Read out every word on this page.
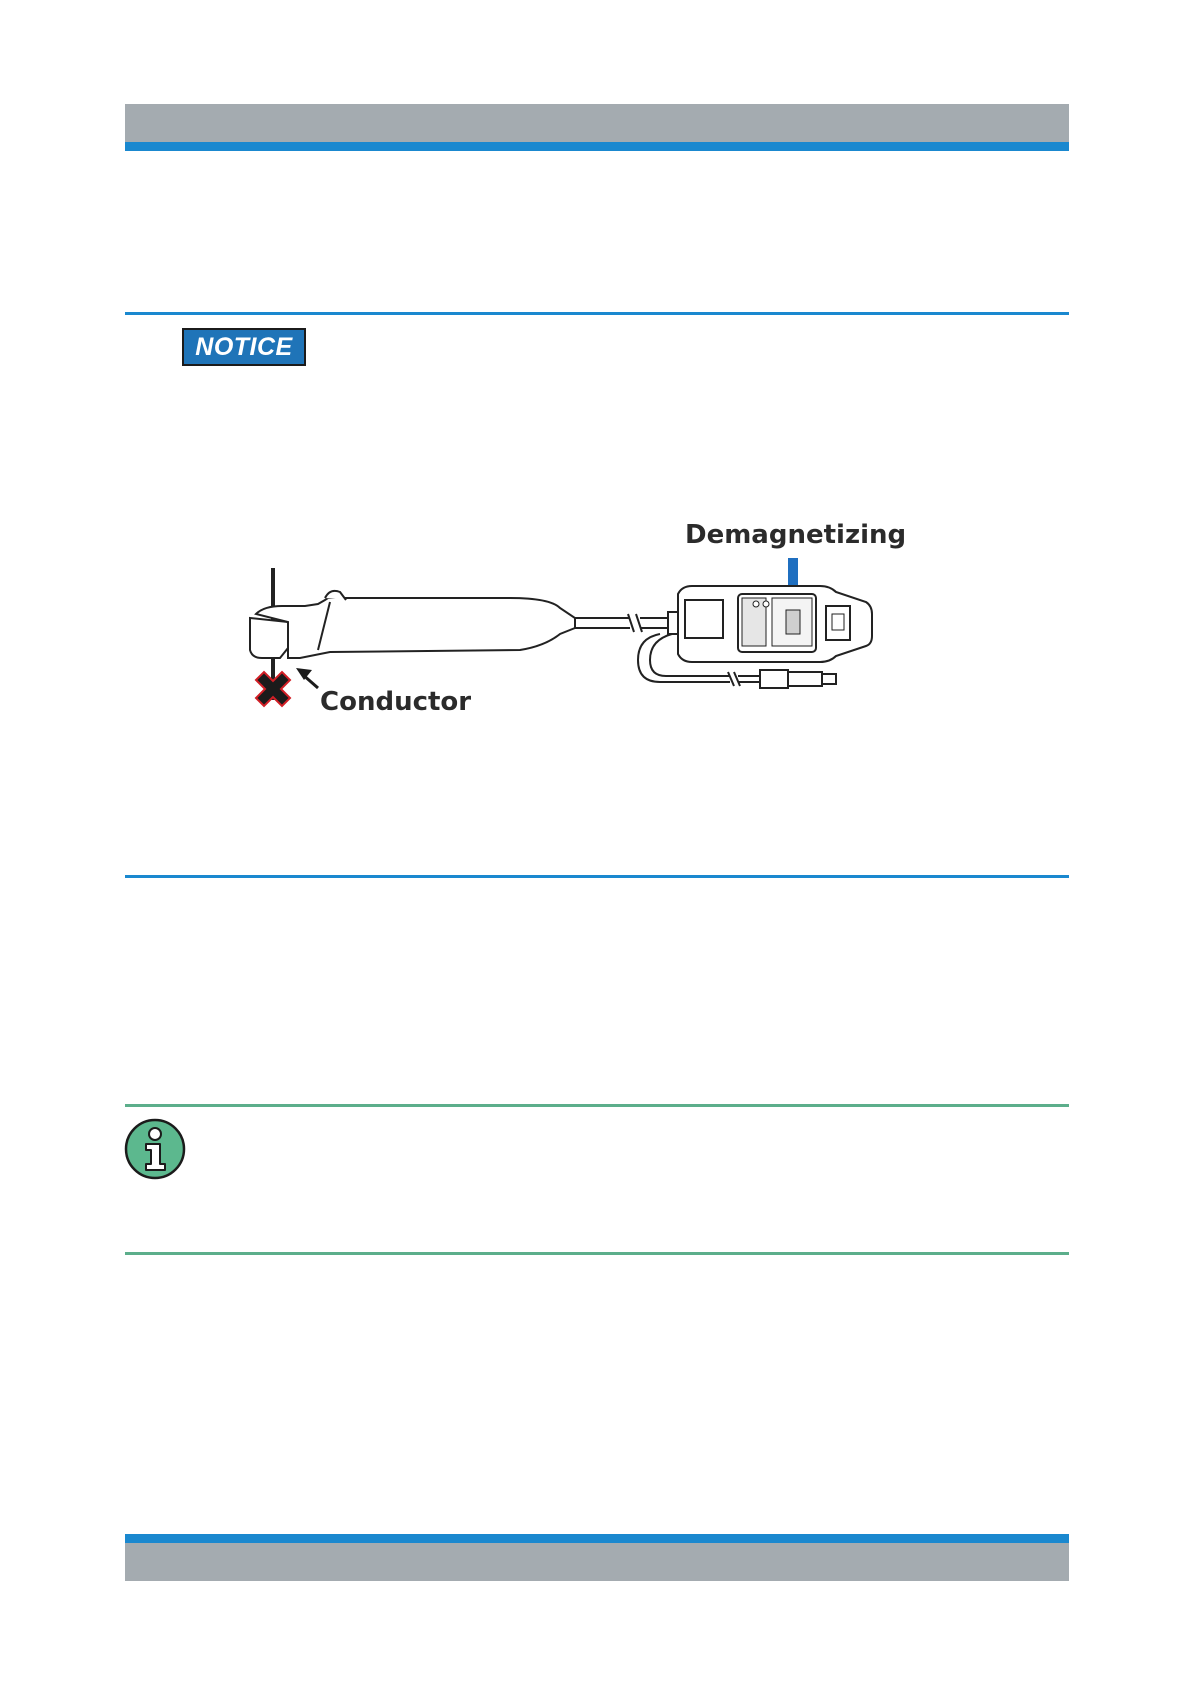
NOTICE
Demagnetizing
Conductor
